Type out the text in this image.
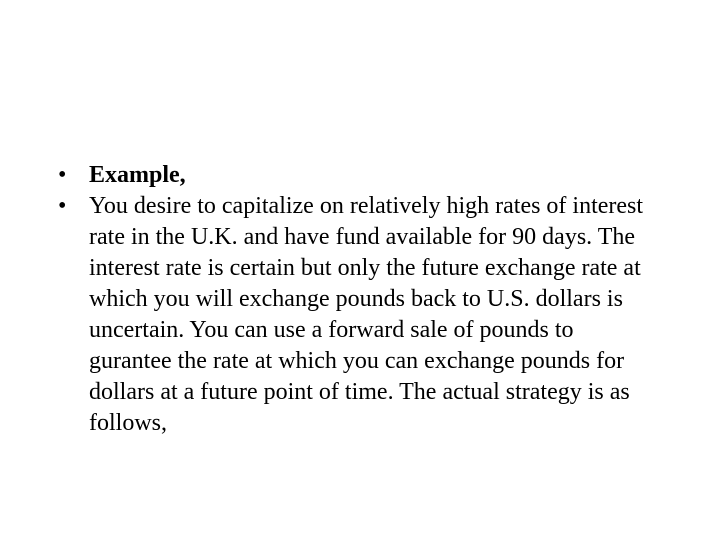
• Example,
• You desire to capitalize on relatively high rates of interest rate in the U.K. and have fund available for 90 days. The interest rate is certain but only the future exchange rate at which you will exchange pounds back to U.S. dollars is uncertain. You can use a forward sale of pounds to gurantee the rate at which you can exchange pounds for dollars at a future point of time. The actual strategy is as follows,
